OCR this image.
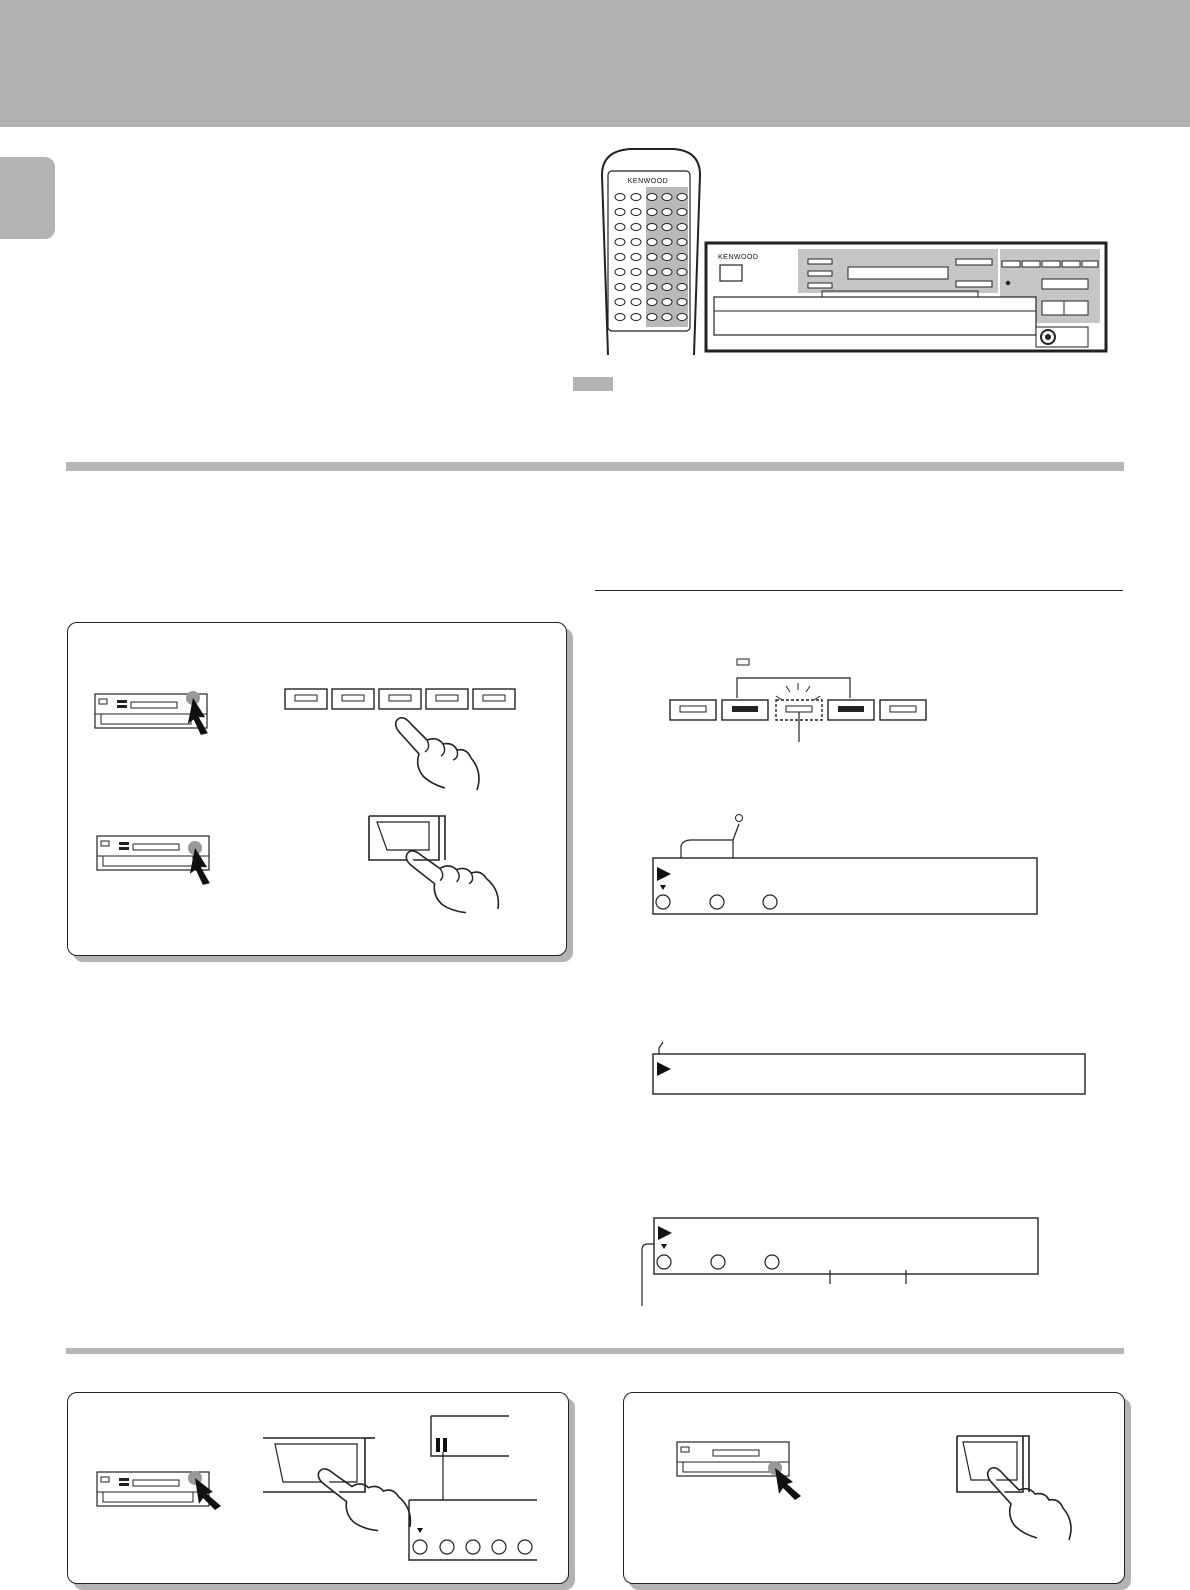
KENWOOD
KENWOOD
